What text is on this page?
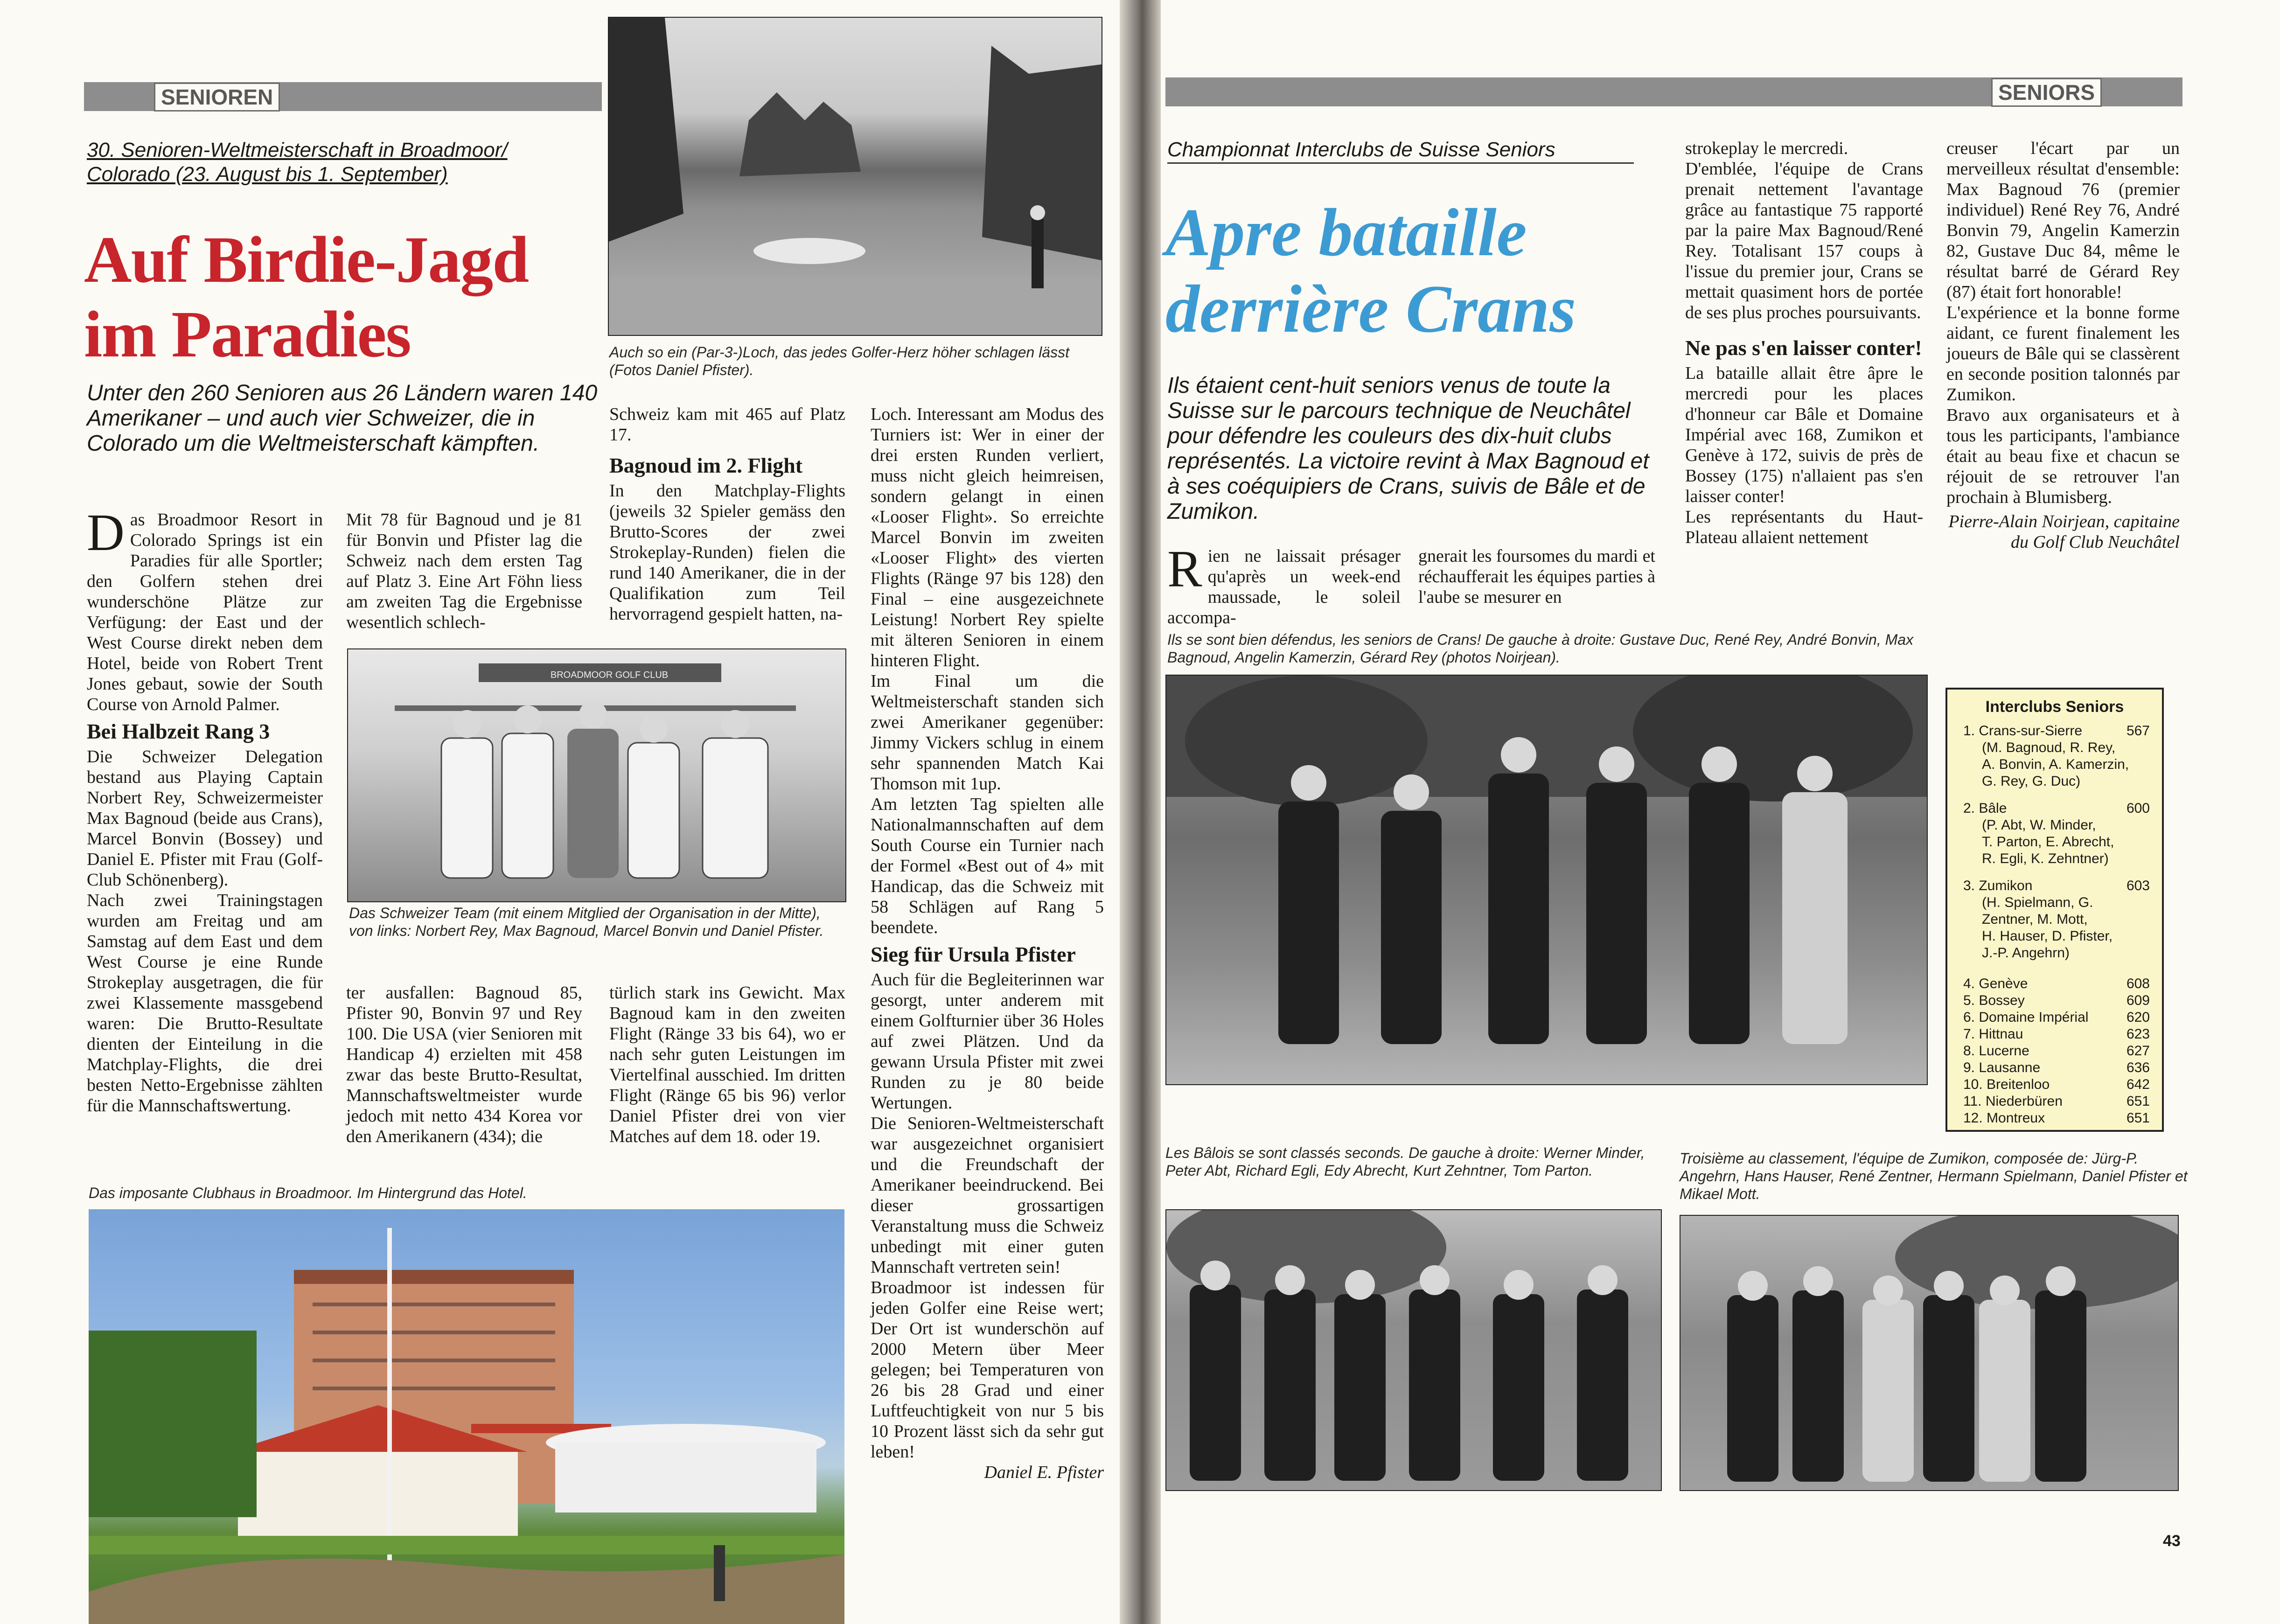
SENIOREN
30. Senioren-Weltmeisterschaft in Broadmoor/ Colorado (23. August bis 1. September)
Auf Birdie-Jagd im Paradies
Unter den 260 Senioren aus 26 Ländern waren 140 Amerikaner – und auch vier Schweizer, die in Colorado um die Weltmeisterschaft kämpften.
Auch so ein (Par-3-)Loch, das jedes Golfer-Herz höher schlagen lässt (Fotos Daniel Pfister).

Das Broadmoor Resort in Colorado Springs ist ein Paradies für alle Sportler; den Golfern stehen drei wunderschöne Plätze zur Verfügung: der East und der West Course direkt neben dem Hotel, beide von Robert Trent Jones gebaut, sowie der South Course von Arnold Palmer.

Bei Halbzeit Rang 3

Die Schweizer Delegation bestand aus Playing Captain Norbert Rey, Schweizermeister Max Bagnoud (beide aus Crans), Marcel Bonvin (Bossey) und Daniel E. Pfister mit Frau (Golf-Club Schönenberg).

Nach zwei Trainingstagen wurden am Freitag und am Samstag auf dem East und dem West Course je eine Runde Strokeplay ausgetragen, die für zwei Klassemente massgebend waren: Die Brutto-Resultate dienten der Einteilung in die Matchplay-Flights, die drei besten Netto-Ergebnisse zählten für die Mannschaftswertung.

Mit 78 für Bagnoud und je 81 für Bonvin und Pfister lag die Schweiz nach dem ersten Tag auf Platz 3. Eine Art Föhn liess am zweiten Tag die Ergebnisse wesentlich schlech-

Schweiz kam mit 465 auf Platz 17.

Bagnoud im 2. Flight

In den Matchplay-Flights (jeweils 32 Spieler gemäss den Brutto-Scores der zwei Strokeplay-Runden) fielen die rund 140 Amerikaner, die in der Qualifikation zum Teil hervorragend gespielt hatten, na-

BROADMOOR GOLF CLUB
Das Schweizer Team (mit einem Mitglied der Organisation in der Mitte), von links: Norbert Rey, Max Bagnoud, Marcel Bonvin und Daniel Pfister.
ter ausfallen: Bagnoud 85, Pfister 90, Bonvin 97 und Rey 100. Die USA (vier Senioren mit Handicap 4) erzielten mit 458 zwar das beste Brutto-Resultat, Mannschaftsweltmeister wurde jedoch mit netto 434 Korea vor den Amerikanern (434); die
türlich stark ins Gewicht. Max Bagnoud kam in den zweiten Flight (Ränge 33 bis 64), wo er nach sehr guten Leistungen im Viertelfinal ausschied. Im dritten Flight (Ränge 65 bis 96) verlor Daniel Pfister drei von vier Matches auf dem 18. oder 19.

Loch. Interessant am Modus des Turniers ist: Wer in einer der drei ersten Runden verliert, muss nicht gleich heimreisen, sondern gelangt in einen «Looser Flight». So erreichte Marcel Bonvin im zweiten «Looser Flight» des vierten Flights (Ränge 97 bis 128) den Final – eine ausgezeichnete Leistung! Norbert Rey spielte mit älteren Senioren in einem hinteren Flight.

Im Final um die Weltmeisterschaft standen sich zwei Amerikaner gegenüber: Jimmy Vickers schlug in einem sehr spannenden Match Kai Thomson mit 1up.

Am letzten Tag spielten alle Nationalmannschaften auf dem South Course ein Turnier nach der Formel «Best out of 4» mit Handicap, das die Schweiz mit 58 Schlägen auf Rang 5 beendete.

Sieg für Ursula Pfister

Auch für die Begleiterinnen war gesorgt, unter anderem mit einem Golfturnier über 36 Holes auf zwei Plätzen. Und da gewann Ursula Pfister mit zwei Runden zu je 80 beide Wertungen.

Die Senioren-Weltmeisterschaft war ausgezeichnet organisiert und die Freundschaft der Amerikaner beeindruckend. Bei dieser grossartigen Veranstaltung muss die Schweiz unbedingt mit einer guten Mannschaft vertreten sein!

Broadmoor ist indessen für jeden Golfer eine Reise wert; Der Ort ist wunderschön auf 2000 Metern über Meer gelegen; bei Temperaturen von 26 bis 28 Grad und einer Luftfeuchtigkeit von nur 5 bis 10 Prozent lässt sich da sehr gut leben!

Daniel E. Pfister
Das imposante Clubhaus in Broadmoor. Im Hintergrund das Hotel.
SENIORS
Championnat Interclubs de Suisse Seniors
Apre bataille derrière Crans
Ils étaient cent-huit seniors venus de toute la Suisse sur le parcours technique de Neuchâtel pour défendre les couleurs des dix-huit clubs représentés. La victoire revint à Max Bagnoud et à ses coéquipiers de Crans, suivis de Bâle et de Zumikon.

Rien ne laissait présager qu'après un week-end maussade, le soleil accompa-

gnerait les foursomes du mardi et réchaufferait les équipes parties à l'aube se mesurer en

strokeplay le mercredi.

D'emblée, l'équipe de Crans prenait nettement l'avantage grâce au fantastique 75 rapporté par la paire Max Bagnoud/René Rey. Totalisant 157 coups à l'issue du premier jour, Crans se mettait quasiment hors de portée de ses plus proches poursuivants.

Ne pas s'en laisser conter!

La bataille allait être âpre le mercredi pour les places d'honneur car Bâle et Domaine Impérial avec 168, Zumikon et Genève à 172, suivis de près de Bossey (175) n'allaient pas s'en laisser conter!

Les représentants du Haut-Plateau allaient nettement

creuser l'écart par un merveilleux résultat d'ensemble: Max Bagnoud 76 (premier individuel) René Rey 76, André Bonvin 79, Angelin Kamerzin 82, Gustave Duc 84, même le résultat barré de Gérard Rey (87) était fort honorable!

L'expérience et la bonne forme aidant, ce furent finalement les joueurs de Bâle qui se classèrent en seconde position talonnés par Zumikon.

Bravo aux organisateurs et à tous les participants, l'ambiance était au beau fixe et chacun se réjouit de se retrouver l'an prochain à Blumisberg.

Pierre-Alain Noirjean, capitaine du Golf Club Neuchâtel
Ils se sont bien défendus, les seniors de Crans! De gauche à droite: Gustave Duc, René Rey, André Bonvin, Max Bagnoud, Angelin Kamerzin, Gérard Rey (photos Noirjean).
Interclubs Seniors
1. Crans-sur-Sierre	567
(M. Bagnoud, R. Rey,
A. Bonvin, A. Kamerzin,
G. Rey, G. Duc)
2. Bâle	600
(P. Abt, W. Minder,
T. Parton, E. Abrecht,
R. Egli, K. Zehntner)
3. Zumikon	603
(H. Spielmann, G.
Zentner, M. Mott,
H. Hauser, D. Pfister,
J.-P. Angehrn)
4. Genève	608
5. Bossey	609
6. Domaine Impérial	620
7. Hittnau	623
8. Lucerne	627
9. Lausanne	636
10. Breitenloo	642
11. Niederbüren	651
12. Montreux	651
Les Bâlois se sont classés seconds. De gauche à droite: Werner Minder, Peter Abt, Richard Egli, Edy Abrecht, Kurt Zehntner, Tom Parton.
Troisième au classement, l'équipe de Zumikon, composée de: Jürg-P. Angehrn, Hans Hauser, René Zentner, Hermann Spielmann, Daniel Pfister et Mikael Mott.
43
